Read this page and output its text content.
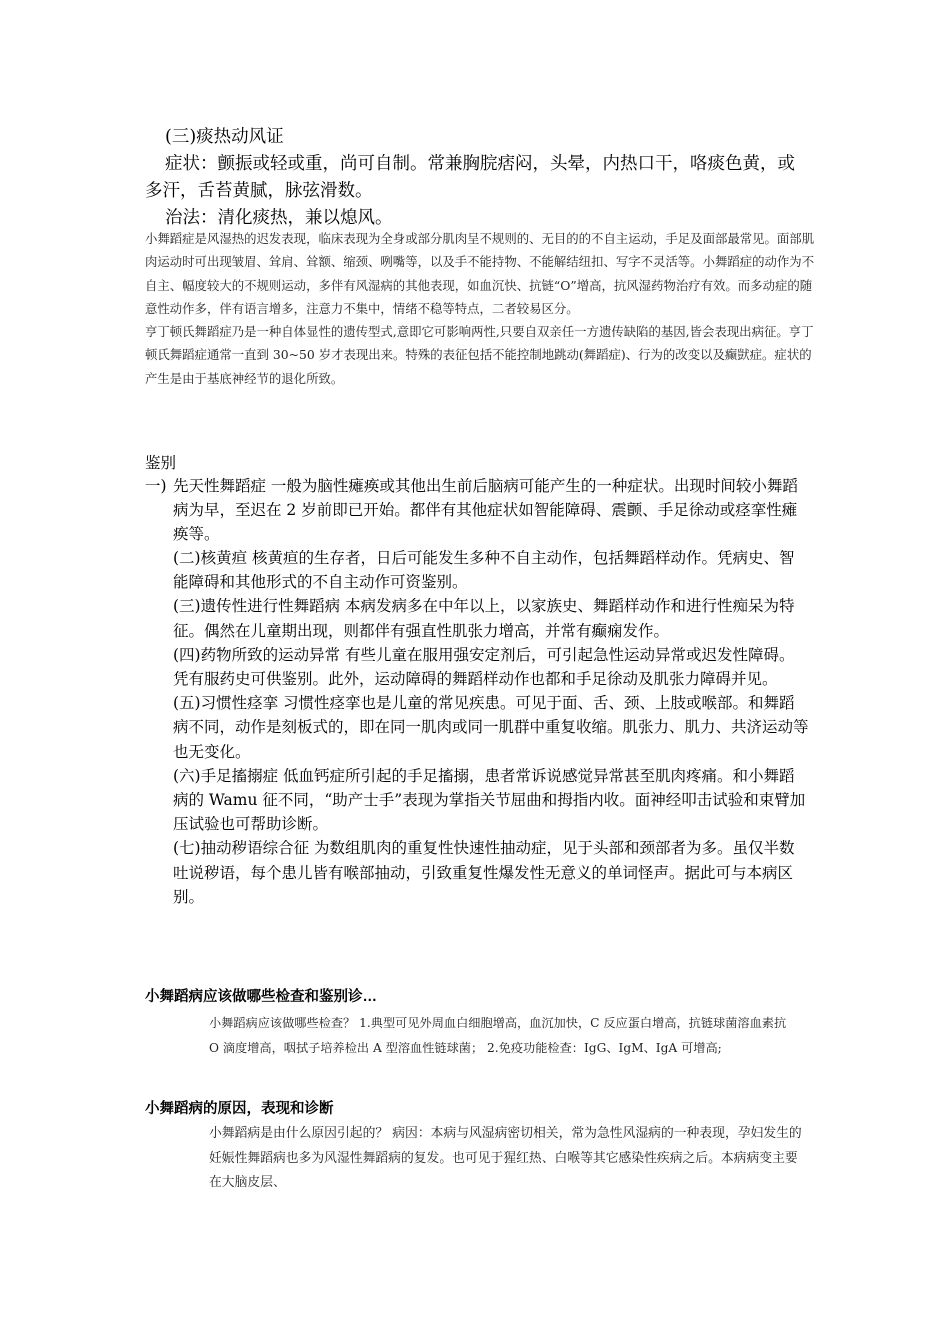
(三)痰热动风证

症状：颤振或轻或重，尚可自制。常兼胸脘痞闷，头晕，内热口干，咯痰色黄，或多汗，舌苔黄腻，脉弦滑数。

治法：清化痰热，兼以熄风。

小舞蹈症是风湿热的迟发表现，临床表现为全身或部分肌肉呈不规则的、无目的的不自主运动，手足及面部最常见。面部肌肉运动时可出现皱眉、耸肩、耸额、缩颈、咧嘴等，以及手不能持物、不能解结纽扣、写字不灵活等。小舞蹈症的动作为不自主、幅度较大的不规则运动，多伴有风湿病的其他表现，如血沉快、抗链“O”增高，抗风湿药物治疗有效。而多动症的随意性动作多，伴有语言增多，注意力不集中，情绪不稳等特点，二者较易区分。

亨丁顿氏舞蹈症乃是一种自体显性的遗传型式,意即它可影响两性,只要自双亲任一方遗传缺陷的基因,皆会表现出病征。亨丁顿氏舞蹈症通常一直到 30~50 岁才表现出来。特殊的表征包括不能控制地跳动(舞蹈症)、行为的改变以及癫獃症。症状的产生是由于基底神经节的退化所致。

鉴别
一) 先天性舞蹈症 一般为脑性瘫痪或其他出生前后脑病可能产生的一种症状。出现时间较小舞蹈病为早，至迟在 2 岁前即已开始。都伴有其他症状如智能障碍、震颤、手足徐动或痉挛性瘫痪等。

(二)核黄疸 核黄疸的生存者，日后可能发生多种不自主动作，包括舞蹈样动作。凭病史、智能障碍和其他形式的不自主动作可资鉴别。

(三)遗传性进行性舞蹈病 本病发病多在中年以上，以家族史、舞蹈样动作和进行性痴呆为特征。偶然在儿童期出现，则都伴有强直性肌张力增高，并常有癫痫发作。

(四)药物所致的运动异常 有些儿童在服用强安定剂后，可引起急性运动异常或迟发性障碍。凭有服药史可供鉴别。此外，运动障碍的舞蹈样动作也都和手足徐动及肌张力障碍并见。

(五)习惯性痉挛 习惯性痉挛也是儿童的常见疾患。可见于面、舌、颈、上肢或喉部。和舞蹈病不同，动作是刻板式的，即在同一肌肉或同一肌群中重复收缩。肌张力、肌力、共济运动等也无变化。

(六)手足搐搦症 低血钙症所引起的手足搐搦，患者常诉说感觉异常甚至肌肉疼痛。和小舞蹈病的 Wamu 征不同，“助产士手”表现为掌指关节屈曲和拇指内收。面神经叩击试验和束臂加压试验也可帮助诊断。

(七)抽动秽语综合征 为数组肌肉的重复性快速性抽动症，见于头部和颈部者为多。虽仅半数吐说秽语，每个患儿皆有喉部抽动，引致重复性爆发性无意义的单词怪声。据此可与本病区别。

小舞蹈病应该做哪些检查和鉴别诊…
小舞蹈病应该做哪些检查？ 1.典型可见外周血白细胞增高，血沉加快，C 反应蛋白增高，抗链球菌溶血素抗 O 滴度增高，咽拭子培养检出 A 型溶血性链球菌； 2.免疫功能检查：IgG、IgM、IgA 可增高;
小舞蹈病的原因，表现和诊断
小舞蹈病是由什么原因引起的？ 病因：本病与风湿病密切相关，常为急性风湿病的一种表现，孕妇发生的妊娠性舞蹈病也多为风湿性舞蹈病的复发。也可见于猩红热、白喉等其它感染性疾病之后。本病病变主要在大脑皮层、
